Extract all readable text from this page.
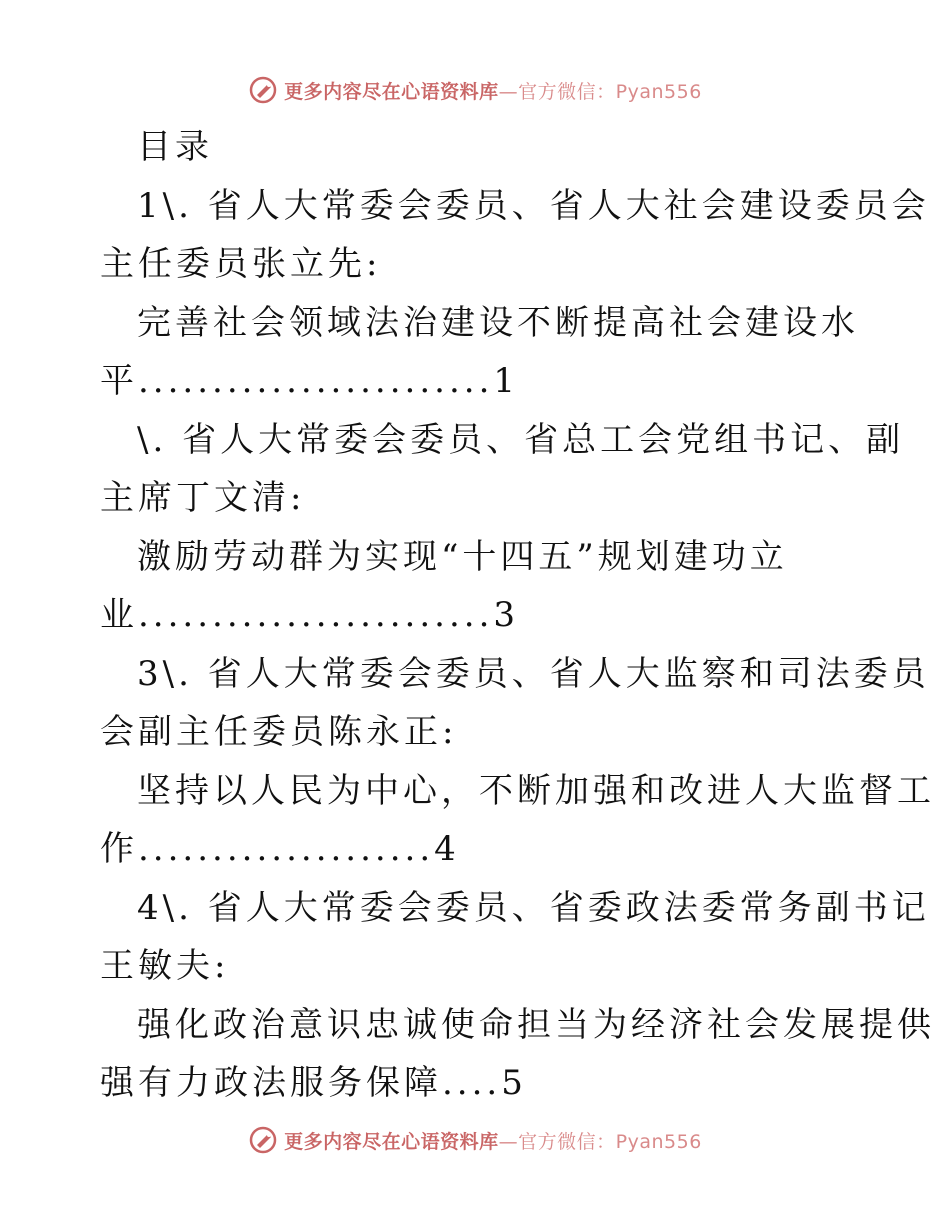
更多内容尽在心语资料库—官方微信：Pyan556
目录
1\. 省人大常委会委员、省人大社会建设委员会
主任委员张立先:
完善社会领域法治建设不断提高社会建设水
平........................1
\. 省人大常委会委员、省总工会党组书记、副
主席丁文清:
激励劳动群为实现“十四五”规划建功立
业........................3
3\. 省人大常委会委员、省人大监察和司法委员
会副主任委员陈永正:
坚持以人民为中心，不断加强和改进人大监督工
作....................4
4\. 省人大常委会委员、省委政法委常务副书记
王敏夫:
强化政治意识忠诚使命担当为经济社会发展提供
强有力政法服务保障....5
更多内容尽在心语资料库—官方微信：Pyan556
